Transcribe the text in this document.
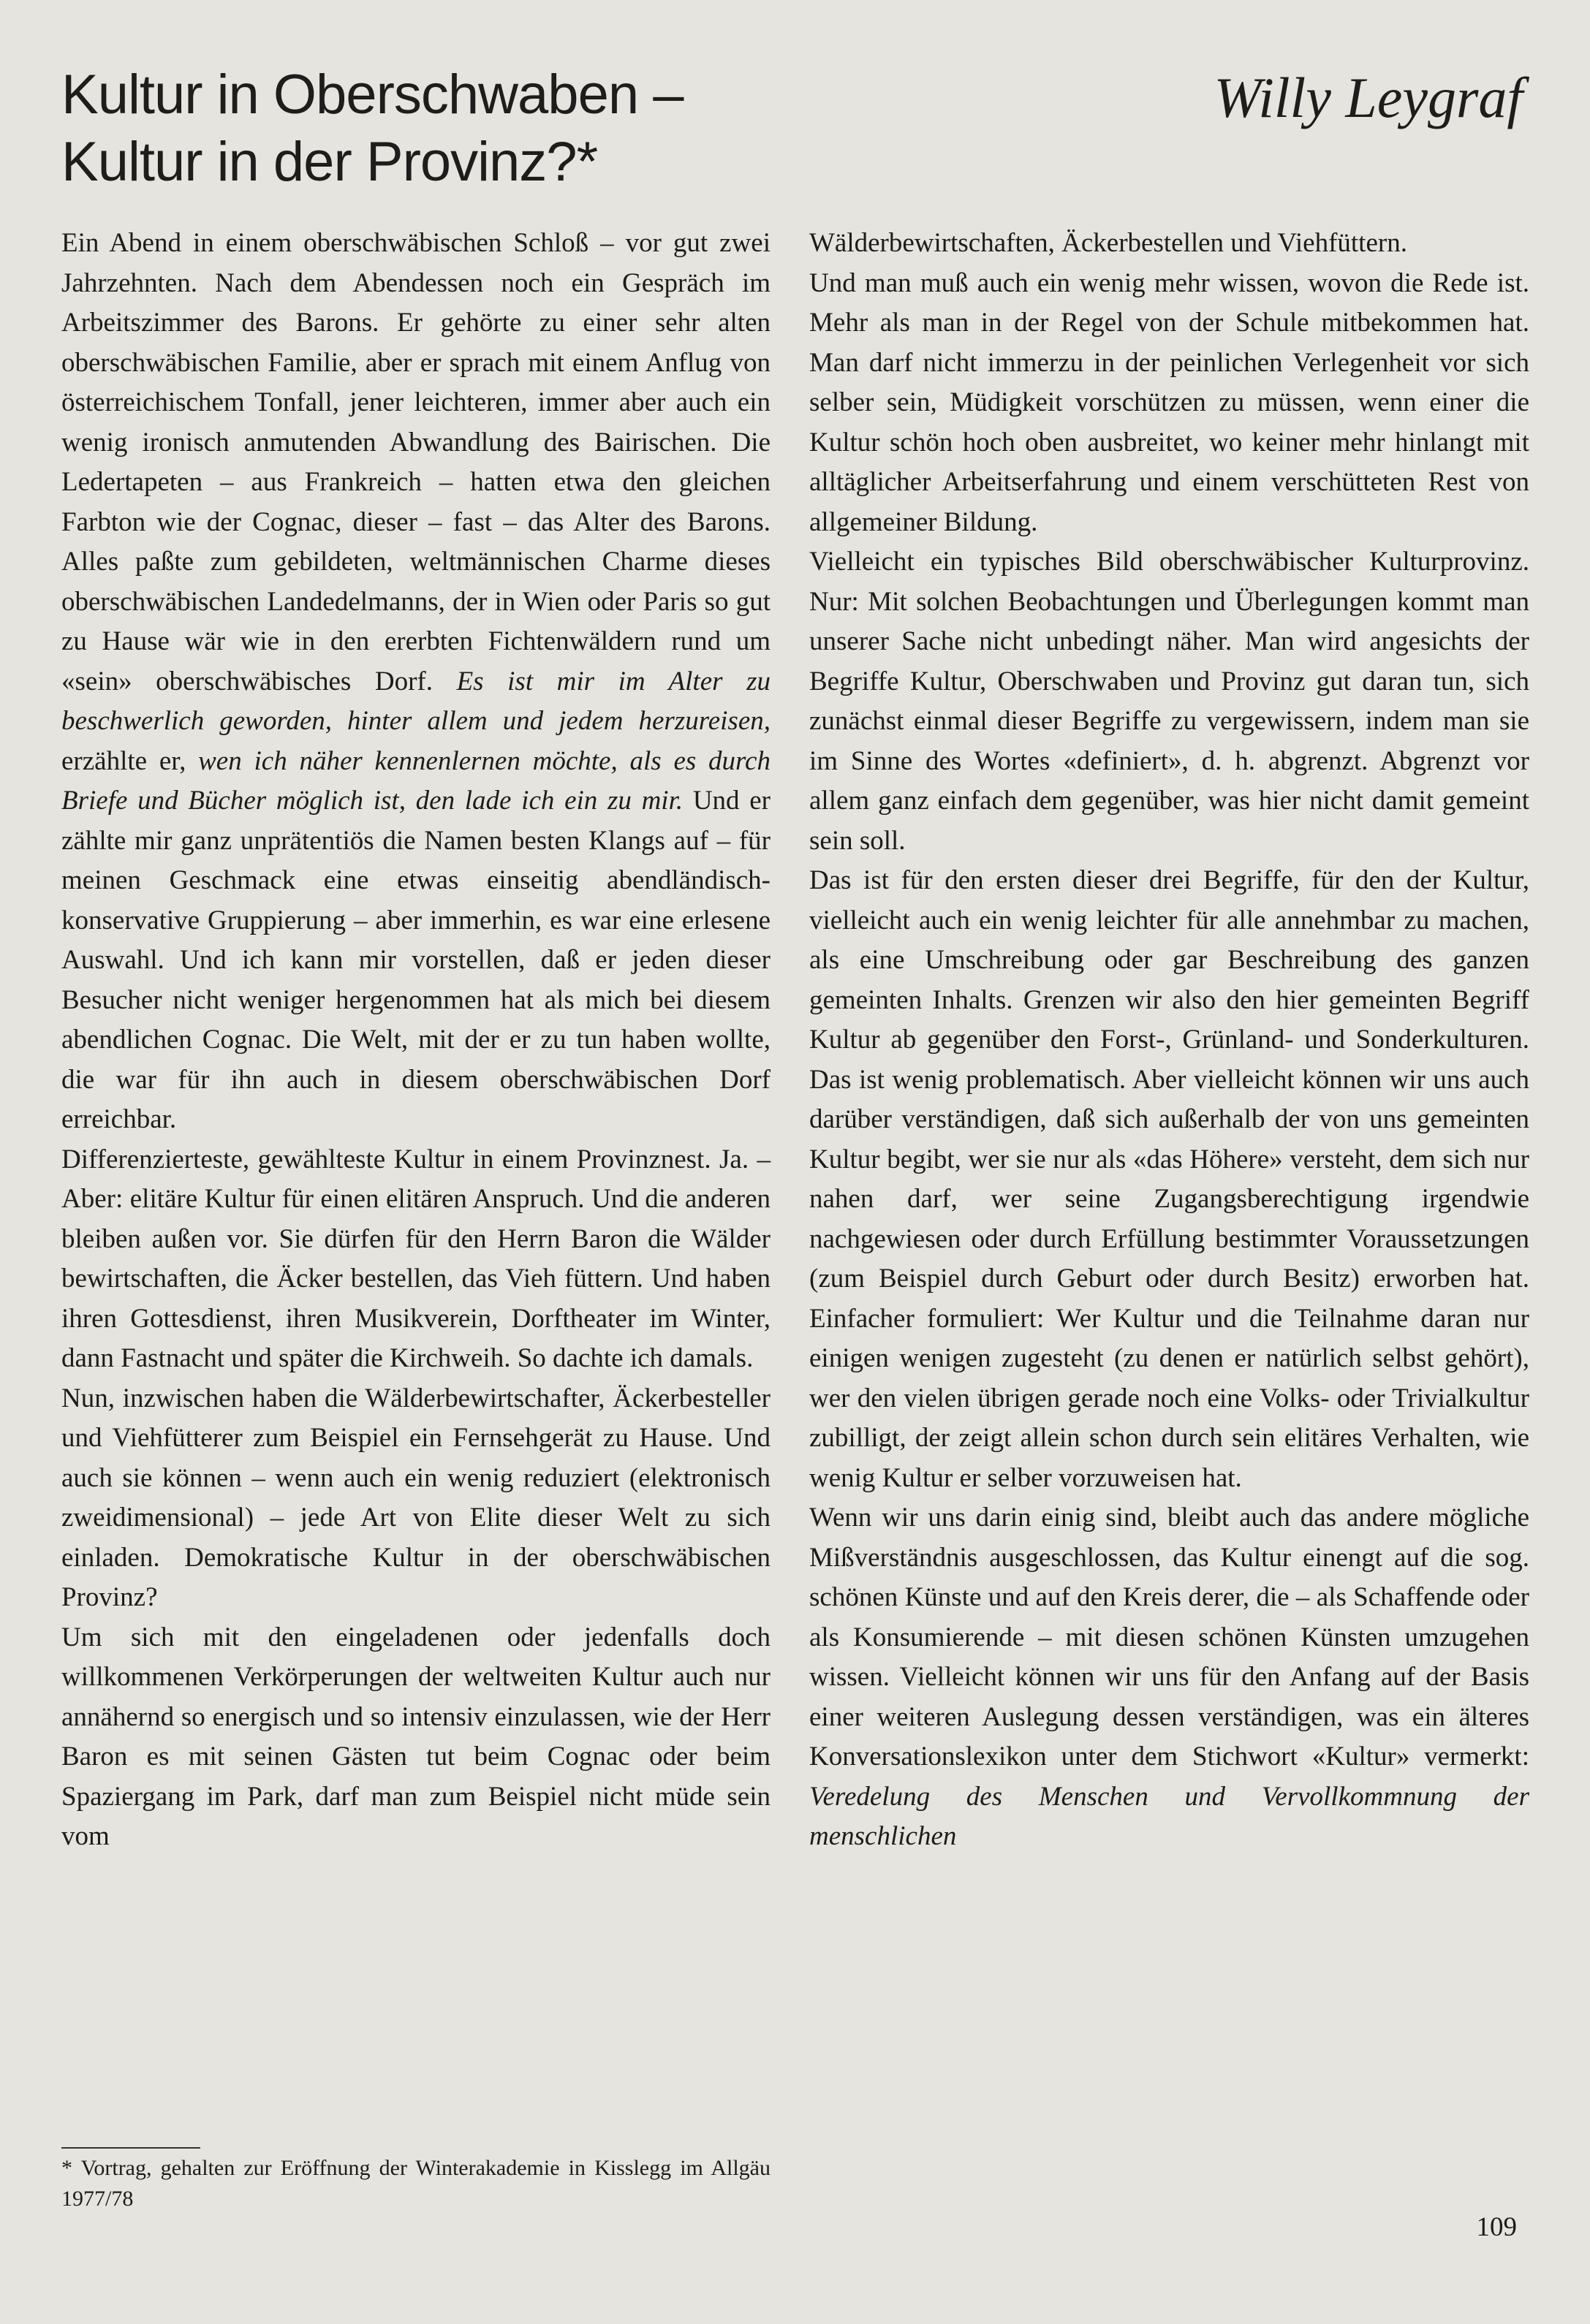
Kultur in Oberschwaben –
Kultur in der Provinz?*
Willy Leygraf

Ein Abend in einem oberschwäbischen Schloß – vor gut zwei Jahrzehnten. Nach dem Abendessen noch ein Gespräch im Arbeitszimmer des Barons. Er gehörte zu einer sehr alten oberschwäbischen Familie, aber er sprach mit einem Anflug von österreichischem Tonfall, jener leichteren, immer aber auch ein wenig ironisch anmutenden Abwandlung des Bairischen. Die Ledertapeten – aus Frankreich – hatten etwa den gleichen Farbton wie der Cognac, dieser – fast – das Alter des Barons. Alles paßte zum gebildeten, weltmännischen Charme dieses oberschwäbischen Landedelmanns, der in Wien oder Paris so gut zu Hause wär wie in den ererbten Fichtenwäldern rund um «sein» oberschwäbisches Dorf. Es ist mir im Alter zu beschwerlich geworden, hinter allem und jedem herzureisen, erzählte er, wen ich näher kennenlernen möchte, als es durch Briefe und Bücher möglich ist, den lade ich ein zu mir. Und er zählte mir ganz unprätentiös die Namen besten Klangs auf – für meinen Geschmack eine etwas einseitig abendländisch-konservative Gruppierung – aber immerhin, es war eine erlesene Auswahl. Und ich kann mir vorstellen, daß er jeden dieser Besucher nicht weniger hergenommen hat als mich bei diesem abendlichen Cognac. Die Welt, mit der er zu tun haben wollte, die war für ihn auch in diesem oberschwäbischen Dorf erreichbar.

Differenzierteste, gewählteste Kultur in einem Provinznest. Ja. – Aber: elitäre Kultur für einen elitären Anspruch. Und die anderen bleiben außen vor. Sie dürfen für den Herrn Baron die Wälder bewirtschaften, die Äcker bestellen, das Vieh füttern. Und haben ihren Gottesdienst, ihren Musikverein, Dorftheater im Winter, dann Fastnacht und später die Kirchweih. So dachte ich damals.

Nun, inzwischen haben die Wälderbewirtschafter, Äckerbesteller und Viehfütterer zum Beispiel ein Fernsehgerät zu Hause. Und auch sie können – wenn auch ein wenig reduziert (elektronisch zweidimensional) – jede Art von Elite dieser Welt zu sich einladen. Demokratische Kultur in der oberschwäbischen Provinz?

Um sich mit den eingeladenen oder jedenfalls doch willkommenen Verkörperungen der weltweiten Kultur auch nur annähernd so energisch und so intensiv einzulassen, wie der Herr Baron es mit seinen Gästen tut beim Cognac oder beim Spaziergang im Park, darf man zum Beispiel nicht müde sein vom

Wälderbewirtschaften, Äckerbestellen und Viehfüttern.

Und man muß auch ein wenig mehr wissen, wovon die Rede ist. Mehr als man in der Regel von der Schule mitbekommen hat. Man darf nicht immerzu in der peinlichen Verlegenheit vor sich selber sein, Müdigkeit vorschützen zu müssen, wenn einer die Kultur schön hoch oben ausbreitet, wo keiner mehr hinlangt mit alltäglicher Arbeitserfahrung und einem verschütteten Rest von allgemeiner Bildung.

Vielleicht ein typisches Bild oberschwäbischer Kulturprovinz. Nur: Mit solchen Beobachtungen und Überlegungen kommt man unserer Sache nicht unbedingt näher. Man wird angesichts der Begriffe Kultur, Oberschwaben und Provinz gut daran tun, sich zunächst einmal dieser Begriffe zu vergewissern, indem man sie im Sinne des Wortes «definiert», d. h. abgrenzt. Abgrenzt vor allem ganz einfach dem gegenüber, was hier nicht damit gemeint sein soll.

Das ist für den ersten dieser drei Begriffe, für den der Kultur, vielleicht auch ein wenig leichter für alle annehmbar zu machen, als eine Umschreibung oder gar Beschreibung des ganzen gemeinten Inhalts. Grenzen wir also den hier gemeinten Begriff Kultur ab gegenüber den Forst-, Grünland- und Sonderkulturen. Das ist wenig problematisch. Aber vielleicht können wir uns auch darüber verständigen, daß sich außerhalb der von uns gemeinten Kultur begibt, wer sie nur als «das Höhere» versteht, dem sich nur nahen darf, wer seine Zugangsberechtigung irgendwie nachgewiesen oder durch Erfüllung bestimmter Voraussetzungen (zum Beispiel durch Geburt oder durch Besitz) erworben hat. Einfacher formuliert: Wer Kultur und die Teilnahme daran nur einigen wenigen zugesteht (zu denen er natürlich selbst gehört), wer den vielen übrigen gerade noch eine Volks- oder Trivialkultur zubilligt, der zeigt allein schon durch sein elitäres Verhalten, wie wenig Kultur er selber vorzuweisen hat.

Wenn wir uns darin einig sind, bleibt auch das andere mögliche Mißverständnis ausgeschlossen, das Kultur einengt auf die sog. schönen Künste und auf den Kreis derer, die – als Schaffende oder als Konsumierende – mit diesen schönen Künsten umzugehen wissen. Vielleicht können wir uns für den Anfang auf der Basis einer weiteren Auslegung dessen verständigen, was ein älteres Konversationslexikon unter dem Stichwort «Kultur» vermerkt: Veredelung des Menschen und Vervollkommnung der menschlichen

* Vortrag, gehalten zur Eröffnung der Winterakademie in Kisslegg im Allgäu 1977/78
109
